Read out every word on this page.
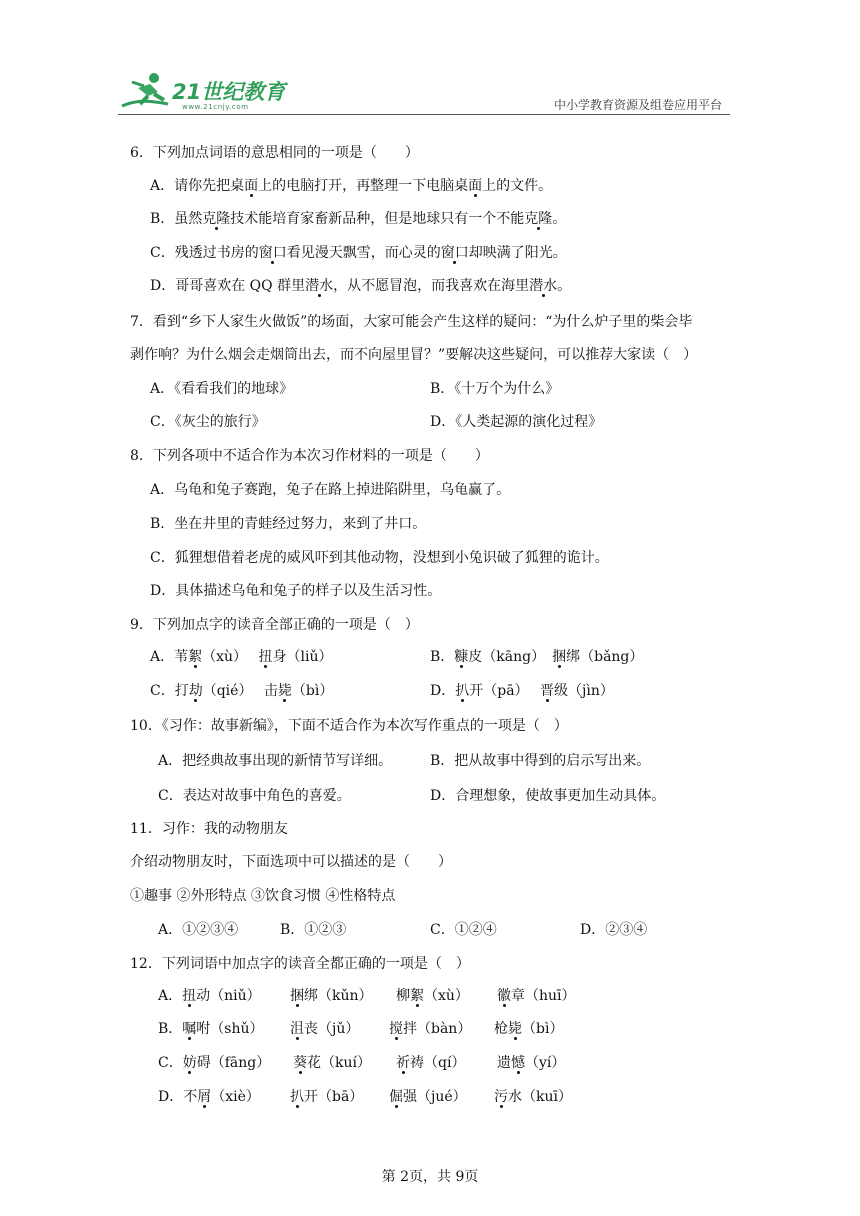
21世纪教育
www.21cnjy.com	中小学教育资源及组卷应用平台
6．下列加点词语的意思相同的一项是（　　）
A．请你先把桌面上的电脑打开，再整理一下电脑桌面上的文件。
B．虽然克隆技术能培育家畜新品种，但是地球只有一个不能克隆。
C．残透过书房的窗口看见漫天飘雪，而心灵的窗口却映满了阳光。
D．哥哥喜欢在 QQ 群里潜水，从不愿冒泡，而我喜欢在海里潜水。
7．看到“乡下人家生火做饭”的场面，大家可能会产生这样的疑问：“为什么炉子里的柴会毕
剥作响？为什么烟会走烟筒出去，而不向屋里冒？”要解决这些疑问，可以推荐大家读（　）
A．《看看我们的地球》	B．《十万个为什么》
C．《灰尘的旅行》	D．《人类起源的演化过程》
8．下列各项中不适合作为本次习作材料的一项是（　　）
A．乌龟和兔子赛跑，兔子在路上掉进陷阱里，乌龟赢了。
B．坐在井里的青蛙经过努力，来到了井口。
C．狐狸想借着老虎的威风吓到其他动物，没想到小兔识破了狐狸的诡计。
D．具体描述乌龟和兔子的样子以及生活习性。
9．下列加点字的读音全部正确的一项是（　）
A．苇絮（xù）　 扭身（liǔ）	B．糠皮（kāng）　捆绑（bǎng）
C．打劫（qié）　 击毙（bì）	D．扒开（pā）　 晋级（jìn）
10．《习作：故事新编》，下面不适合作为本次写作重点的一项是（　）
A．把经典故事出现的新情节写详细。	B．把从故事中得到的启示写出来。
C．表达对故事中角色的喜爱。	D．合理想象，使故事更加生动具体。
11．习作：我的动物朋友
介绍动物朋友时，下面选项中可以描述的是（　　）
①趣事 ②外形特点 ③饮食习惯 ④性格特点
A．①②③④	B．①②③	C．①②④	D．②③④
12．下列词语中加点字的读音全都正确的一项是（　）
A．扭动（niǔ） 捆绑（kǔn） 柳絮（xù） 徽章（huī）
B．嘱咐（shǔ） 沮丧（jǔ） 搅拌（bàn） 枪毙（bì）
C．妨碍（fāng） 葵花（kuí） 祈祷（qí） 遗憾（yí）
D．不屑（xiè） 扒开（bā） 倔强（jué） 污水（kuī）
第 2页，共 9页
